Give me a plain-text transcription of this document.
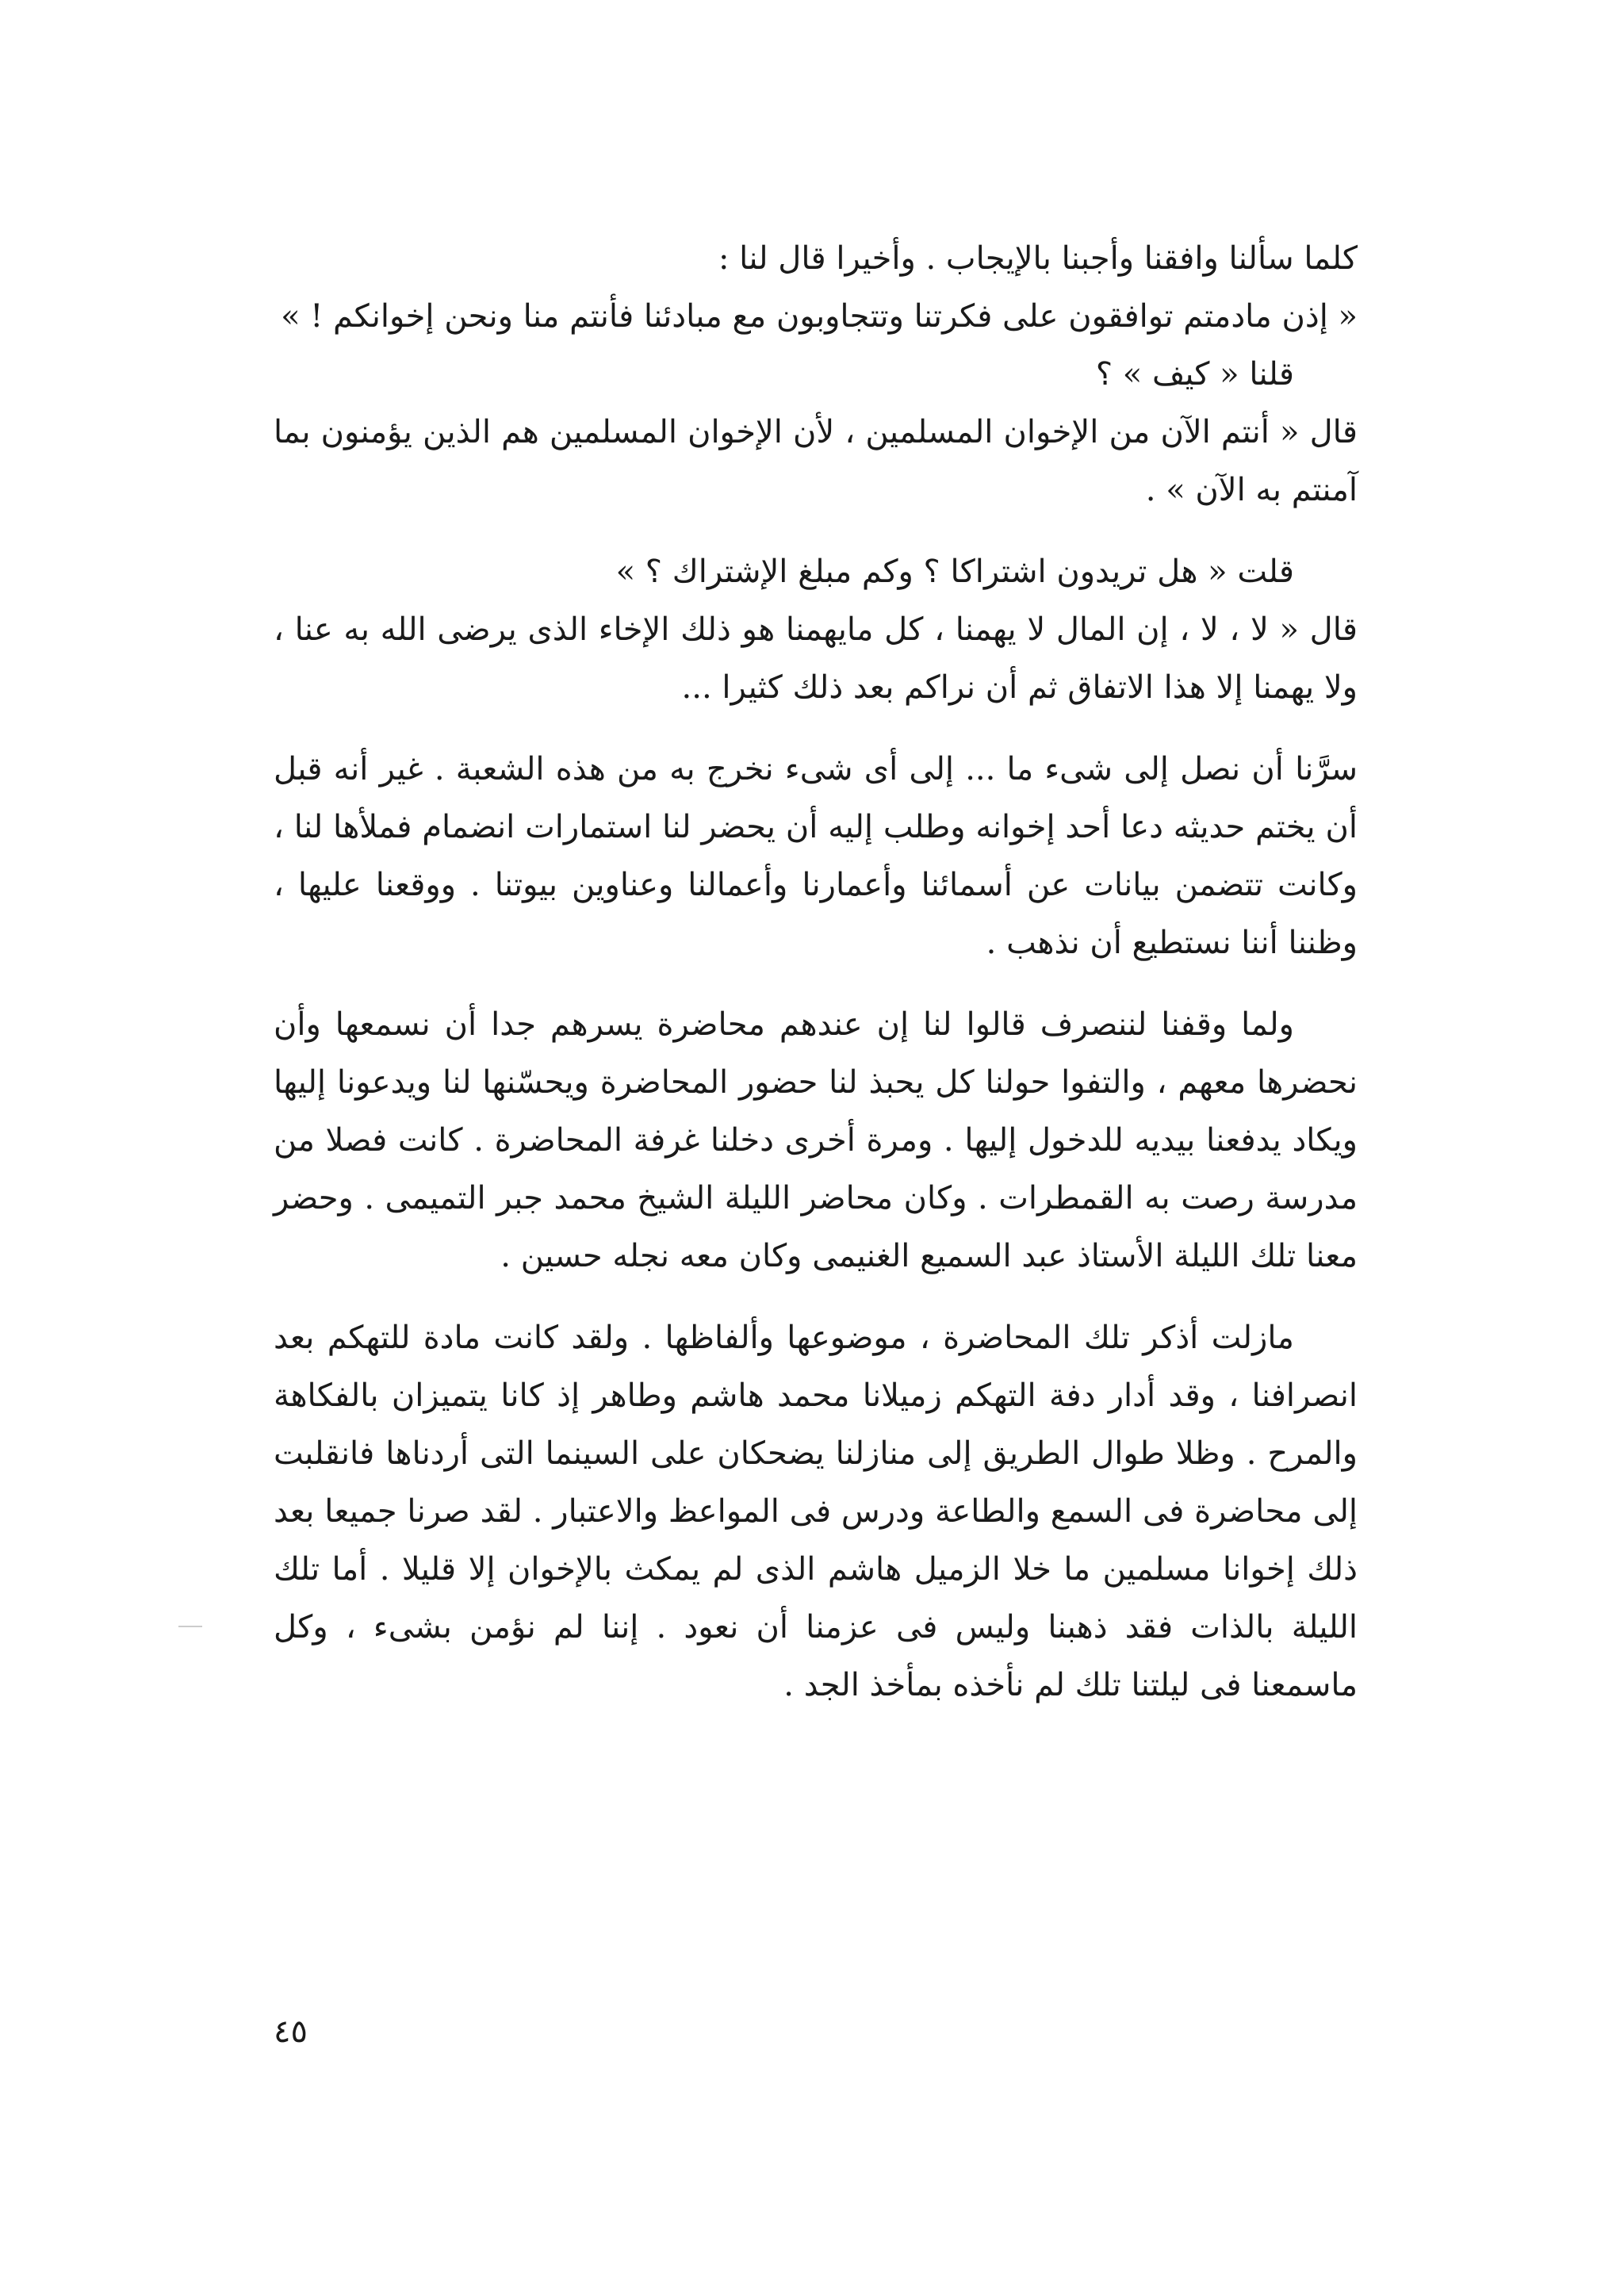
كلما سألنا وافقنا وأجبنا بالإيجاب . وأخيرا قال لنا :

« إذن مادمتم توافقون على فكرتنا وتتجاوبون مع مبادئنا فأنتم منا ونحن إخوانكم ! »

قلنا « كيف » ؟

قال « أنتم الآن من الإخوان المسلمين ، لأن الإخوان المسلمين هم الذين يؤمنون بما آمنتم به الآن » .

قلت « هل تريدون اشتراكا ؟ وكم مبلغ الإشتراك ؟ »

قال « لا ، لا ، إن المال لا يهمنا ، كل مايهمنا هو ذلك الإخاء الذى يرضى الله به عنا ، ولا يهمنا إلا هذا الاتفاق ثم أن نراكم بعد ذلك كثيرا ...

سرَّنا أن نصل إلى شىء ما ... إلى أى شىء نخرج به من هذه الشعبة . غير أنه قبل أن يختم حديثه دعا أحد إخوانه وطلب إليه أن يحضر لنا استمارات انضمام فملأها لنا ، وكانت تتضمن بيانات عن أسمائنا وأعمارنا وأعمالنا وعناوين بيوتنا . ووقعنا عليها ، وظننا أننا نستطيع أن نذهب .

ولما وقفنا لننصرف قالوا لنا إن عندهم محاضرة يسرهم جدا أن نسمعها وأن نحضرها معهم ، والتفوا حولنا كل يحبذ لنا حضور المحاضرة ويحسّنها لنا ويدعونا إليها ويكاد يدفعنا بيديه للدخول إليها . ومرة أخرى دخلنا غرفة المحاضرة . كانت فصلا من مدرسة رصت به القمطرات . وكان محاضر الليلة الشيخ محمد جبر التميمى . وحضر معنا تلك الليلة الأستاذ عبد السميع الغنيمى وكان معه نجله حسين .

مازلت أذكر تلك المحاضرة ، موضوعها وألفاظها . ولقد كانت مادة للتهكم بعد انصرافنا ، وقد أدار دفة التهكم زميلانا محمد هاشم وطاهر إذ كانا يتميزان بالفكاهة والمرح . وظلا طوال الطريق إلى منازلنا يضحكان على السينما التى أردناها فانقلبت إلى محاضرة فى السمع والطاعة ودرس فى المواعظ والاعتبار . لقد صرنا جميعا بعد ذلك إخوانا مسلمين ما خلا الزميل هاشم الذى لم يمكث بالإخوان إلا قليلا . أما تلك الليلة بالذات فقد ذهبنا وليس فى عزمنا أن نعود . إننا لم نؤمن بشىء ، وكل ماسمعنا فى ليلتنا تلك لم نأخذه بمأخذ الجد .

٤٥
